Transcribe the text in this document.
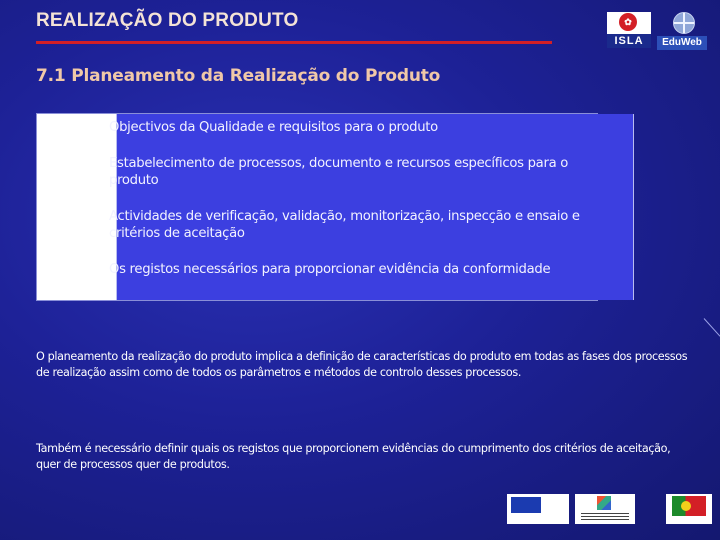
REALIZAÇÃO DO PRODUTO	✿
ISLA	EduWeb
7.1 Planeamento da Realização do Produto
Objectivos da Qualidade e requisitos para o produto
Estabelecimento de processos, documento e recursos específicos para o produto
Actividades de verificação, validação, monitorização, inspecção e ensaio e critérios de aceitação
Os registos necessários para proporcionar evidência da conformidade

O planeamento da realização do produto implica a definição de características do produto em todas as fases dos processos de realização assim como de todos os parâmetros e métodos de controlo desses processos.

Também é necessário definir quais os registos que proporcionem evidências do cumprimento dos critérios de aceitação, quer de processos quer de produtos.
